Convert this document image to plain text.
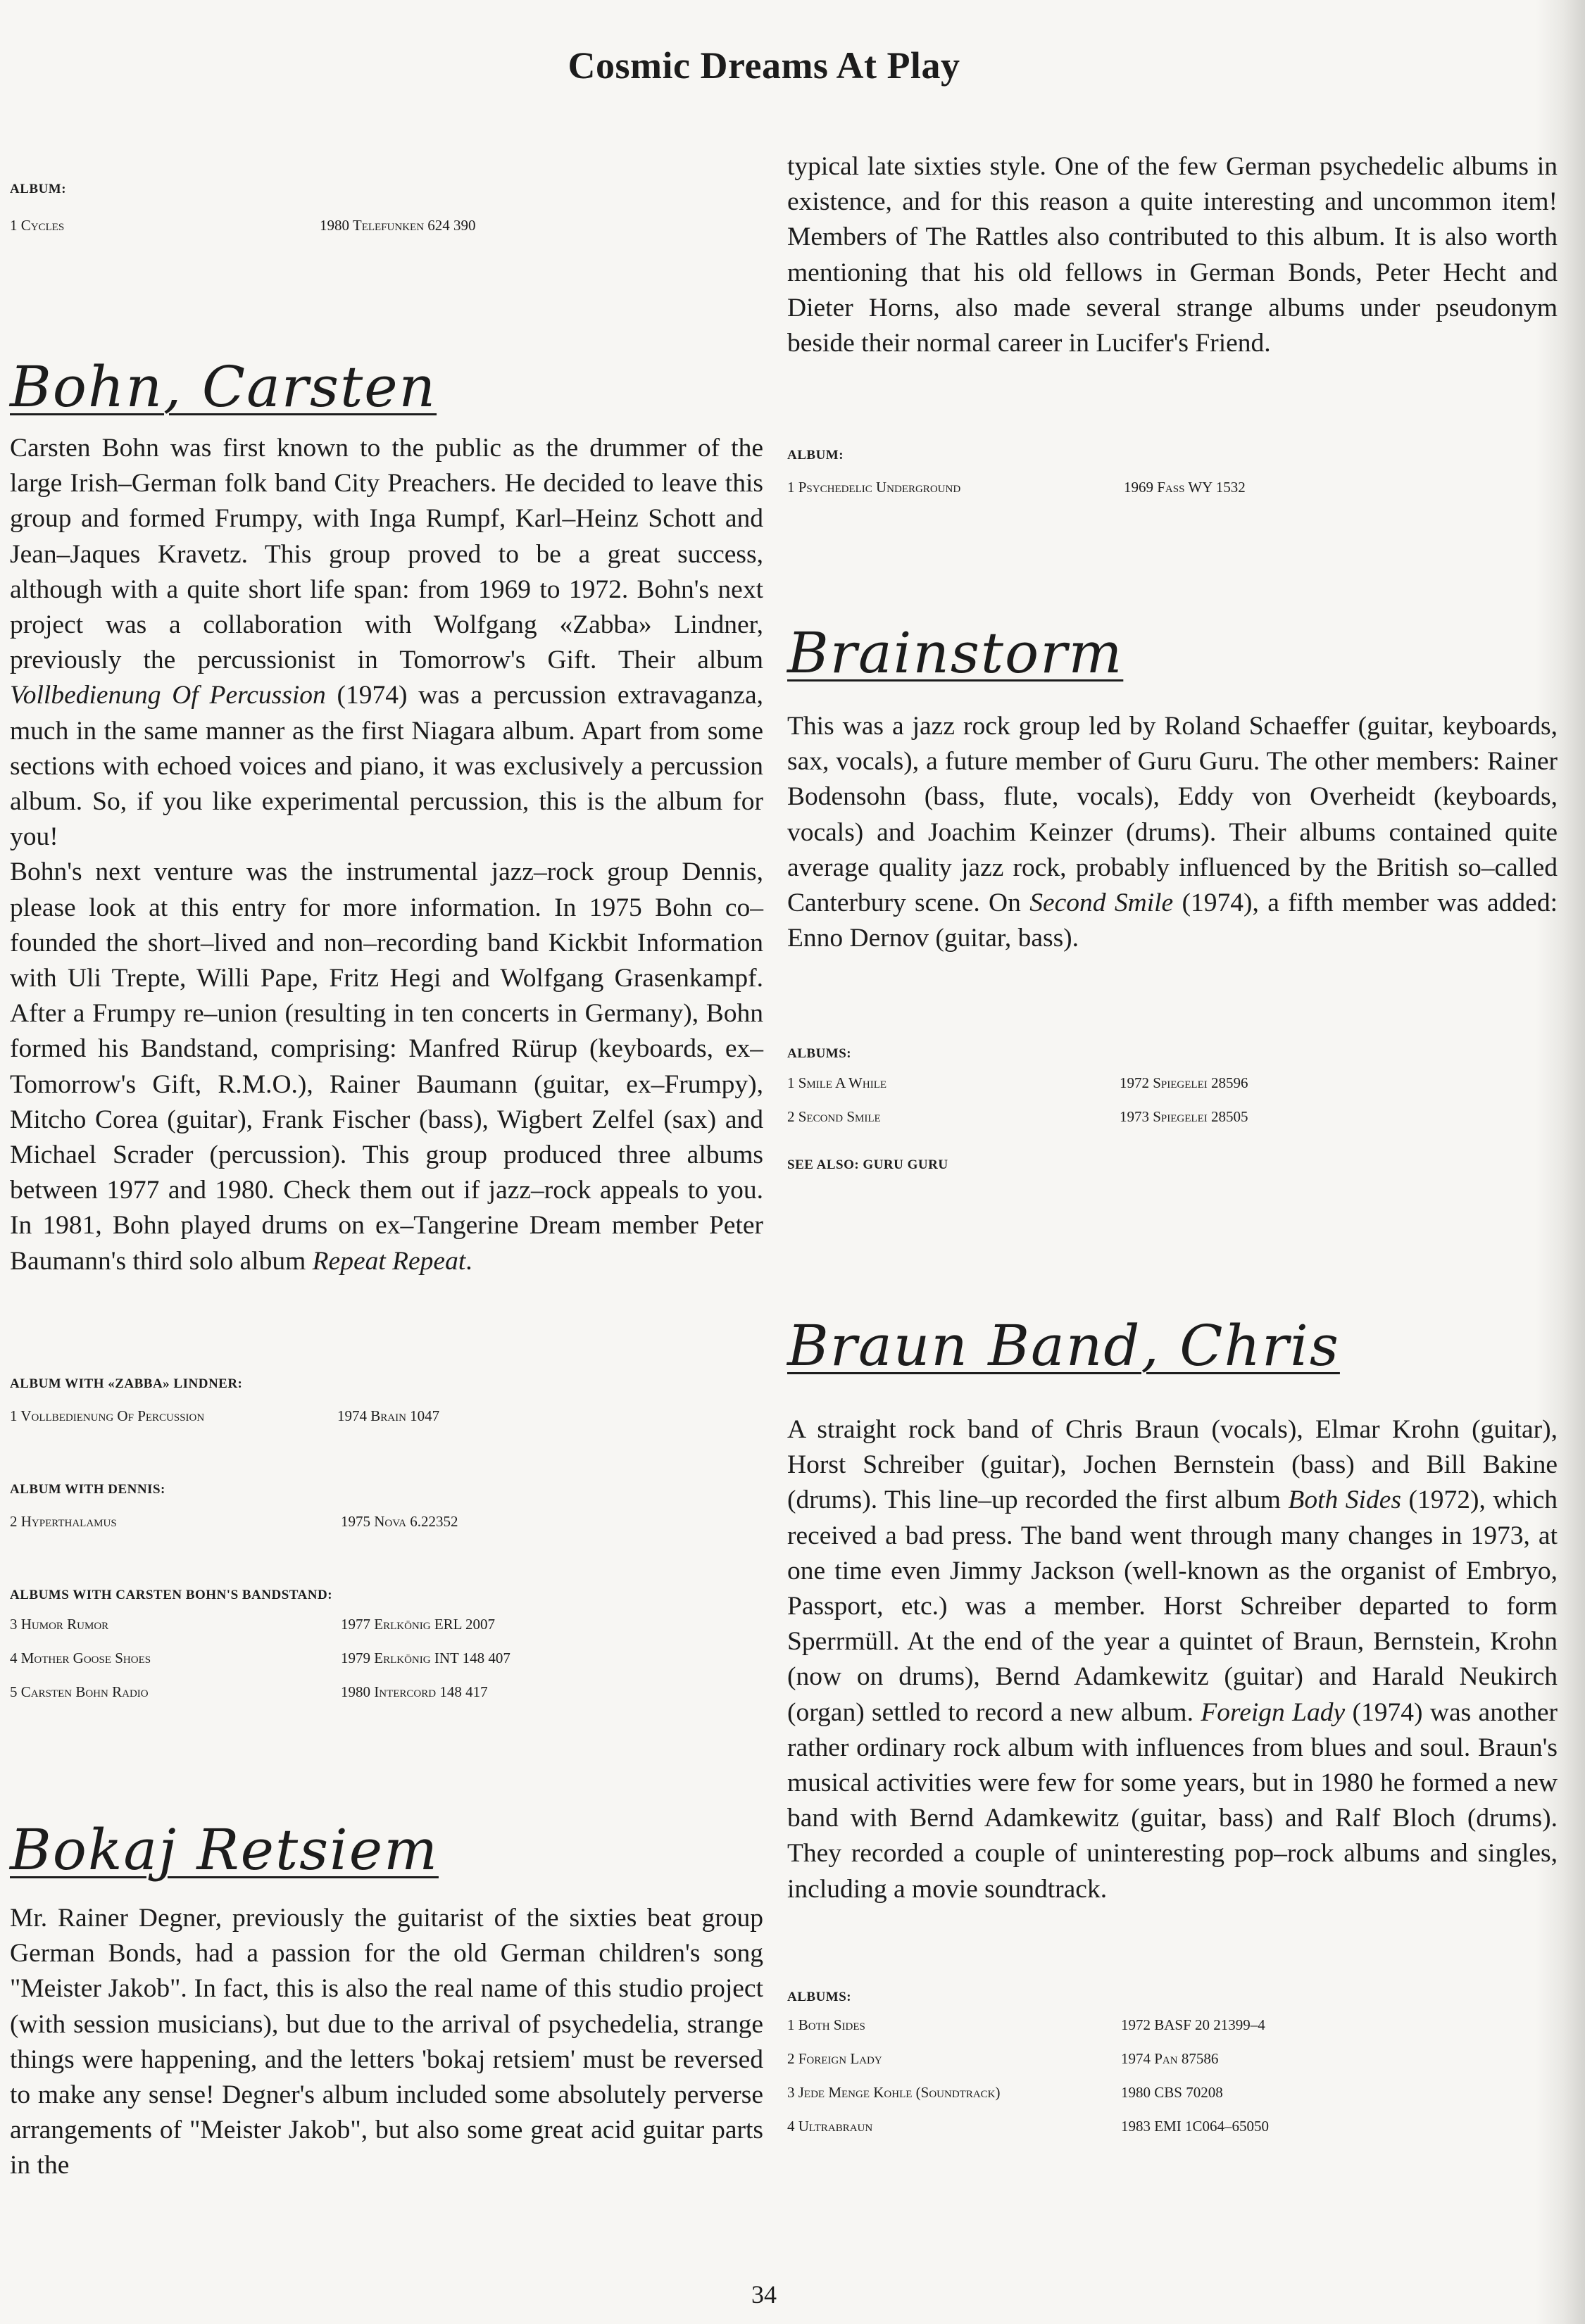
Cosmic Dreams At Play
ALBUM:
1 Cycles	1980 Telefunken 624 390
Bohn, Carsten

Carsten Bohn was first known to the public as the drummer of the large Irish–German folk band City Preachers. He decided to leave this group and formed Frumpy, with Inga Rumpf, Karl–Heinz Schott and Jean–Jaques Kravetz. This group proved to be a great success, although with a quite short life span: from 1969 to 1972. Bohn's next project was a collaboration with Wolfgang «Zabba» Lindner, previously the percussionist in Tomorrow's Gift. Their album Vollbedienung Of Percussion (1974) was a percussion extravaganza, much in the same manner as the first Niagara album. Apart from some sections with echoed voices and piano, it was exclusively a percussion album. So, if you like experimental percussion, this is the album for you!

Bohn's next venture was the instrumental jazz–rock group Dennis, please look at this entry for more information. In 1975 Bohn co–founded the short–lived and non–recording band Kickbit Information with Uli Trepte, Willi Pape, Fritz Hegi and Wolfgang Grasenkampf. After a Frumpy re–union (resulting in ten concerts in Germany), Bohn formed his Bandstand, comprising: Manfred Rürup (keyboards, ex–Tomorrow's Gift, R.M.O.), Rainer Baumann (guitar, ex–Frumpy), Mitcho Corea (guitar), Frank Fischer (bass), Wigbert Zelfel (sax) and Michael Scrader (percussion). This group produced three albums between 1977 and 1980. Check them out if jazz–rock appeals to you. In 1981, Bohn played drums on ex–Tangerine Dream member Peter Baumann's third solo album Repeat Repeat.

ALBUM WITH «ZABBA» LINDNER:
1 Vollbedienung Of Percussion	1974 Brain 1047
ALBUM WITH DENNIS:
2 Hyperthalamus	1975 Nova 6.22352
ALBUMS WITH CARSTEN BOHN'S BANDSTAND:
3 Humor Rumor	1977 Erlkönig ERL 2007
4 Mother Goose Shoes	1979 Erlkönig INT 148 407
5 Carsten Bohn Radio	1980 Intercord 148 417
Bokaj Retsiem

Mr. Rainer Degner, previously the guitarist of the sixties beat group German Bonds, had a passion for the old German children's song "Meister Jakob". In fact, this is also the real name of this studio project (with session musicians), but due to the arrival of psychedelia, strange things were happening, and the letters 'bokaj retsiem' must be reversed to make any sense! Degner's album included some absolutely perverse arrangements of "Meister Jakob", but also some great acid guitar parts in the

typical late sixties style. One of the few German psychedelic albums in existence, and for this reason a quite interesting and uncommon item! Members of The Rattles also contributed to this album. It is also worth mentioning that his old fellows in German Bonds, Peter Hecht and Dieter Horns, also made several strange albums under pseudonym beside their normal career in Lucifer's Friend.

ALBUM:
1 Psychedelic Underground	1969 Fass WY 1532
Brainstorm

This was a jazz rock group led by Roland Schaeffer (guitar, keyboards, sax, vocals), a future member of Guru Guru. The other members: Rainer Bodensohn (bass, flute, vocals), Eddy von Overheidt (keyboards, vocals) and Joachim Keinzer (drums). Their albums contained quite average quality jazz rock, probably influenced by the British so–called Canterbury scene. On Second Smile (1974), a fifth member was added: Enno Dernov (guitar, bass).

ALBUMS:
1 Smile A While	1972 Spiegelei 28596
2 Second Smile	1973 Spiegelei 28505
SEE ALSO: GURU GURU
Braun Band, Chris

A straight rock band of Chris Braun (vocals), Elmar Krohn (guitar), Horst Schreiber (guitar), Jochen Bernstein (bass) and Bill Bakine (drums). This line–up recorded the first album Both Sides (1972), which received a bad press. The band went through many changes in 1973, at one time even Jimmy Jackson (well-known as the organist of Embryo, Passport, etc.) was a member. Horst Schreiber departed to form Sperrmüll. At the end of the year a quintet of Braun, Bernstein, Krohn (now on drums), Bernd Adamkewitz (guitar) and Harald Neukirch (organ) settled to record a new album. Foreign Lady (1974) was another rather ordinary rock album with influences from blues and soul. Braun's musical activities were few for some years, but in 1980 he formed a new band with Bernd Adamkewitz (guitar, bass) and Ralf Bloch (drums). They recorded a couple of uninteresting pop–rock albums and singles, including a movie soundtrack.

ALBUMS:
1 Both Sides	1972 BASF 20 21399–4
2 Foreign Lady	1974 Pan 87586
3 Jede Menge Kohle (Soundtrack)	1980 CBS 70208
4 Ultrabraun	1983 EMI 1C064–65050
34
